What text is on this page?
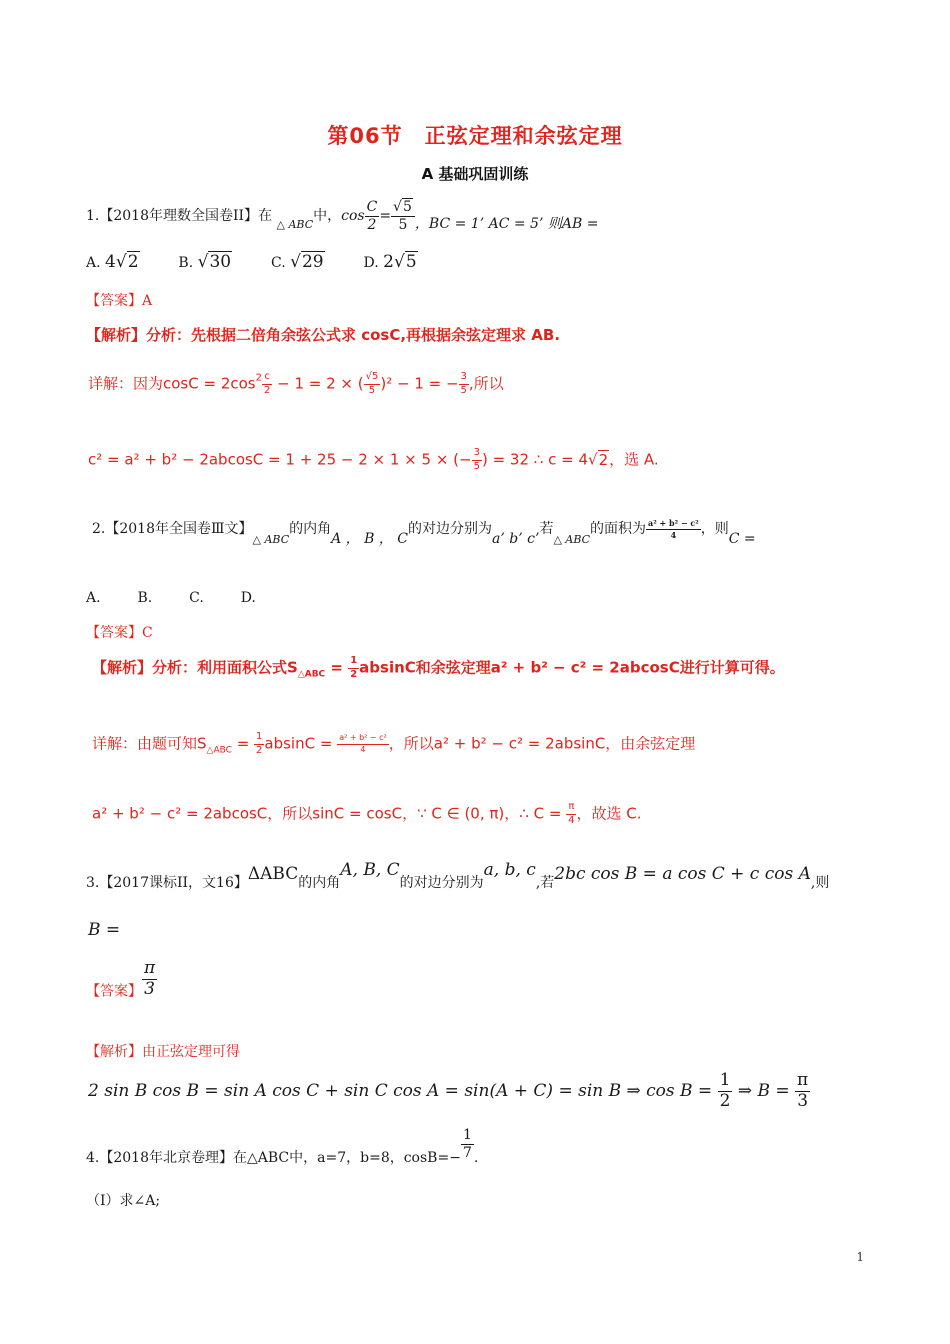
第06节 正弦定理和余弦定理
A 基础巩固训练
1.【2018年理数全国卷II】在 $_{\triangle ABC}$中，$\cos \frac{C}{2} = \frac{√5}{5}$ ，BC = 1’ AC = 5’ 则AB =
A. 4√2	B. √30	C. √29	D. 2√5
【答案】A
【解析】分析：先根据二倍角余弦公式求 cosC,再根据余弦定理求 AB.
详解：因为$\cos C = 2\cos^2 \frac{c}{2} - 1 = 2$ × ( $\frac{√5}{5} )^2 - 1$ = − $\frac{3}{5}$ ,所以
c² = a² + b² − 2abcosC = 1 + 25 − 2 × 1 × 5 × (− $\frac{3}{5}$ ) = 32 ∴ c = 4√2，选 A.
2.【2018年全国卷Ⅲ文】$_{\triangle ABC}$的内角A ， B ， C的对边分别为a’ b’ c’若$_{\triangle ABC}$的面积为 $\frac{\text{a² + b² − c²}}{4}$ ，则C =
A.	B.	C.	D.
【答案】C
【解析】分析：利用面积公式$S_{\triangle ABC} = \frac{1}{2}$ absinC和余弦定理a² + b² − c² = 2abcosC进行计算可得。
详解：由题可知$S_{\triangle ABC} = \frac{1}{2}$ $absinC = \frac{\text{a² + b² − c²}}{4}$ ，所以a² + b² − c² = 2absinC，由余弦定理
a² + b² − c² = 2abcosC，所以sinC = cosC，∵ C ∈ (0, π)，∴ $C = \frac{\pi}{4}$ ，故选 C.
3.【2017课标II，文16】ΔABC的内角A, B, C的对边分别为a, b, c,若2bc cos B = a cos C + c cos A,则
B =
【答案】 $\frac{\pi}{3}$
【解析】由正弦定理可得
2 sin B cos B = sin A cos C + sin C cos A = sin(A + C) = sin B ⇒ $\cos B = \frac{1}{2}$ ⇒ $B = \frac{\pi}{3}$
4.【2018年北京卷理】在△ABC中，a=7，b=8，$\cos B=- \frac{1}{7}$ .
（Ⅰ）求∠A;
1
